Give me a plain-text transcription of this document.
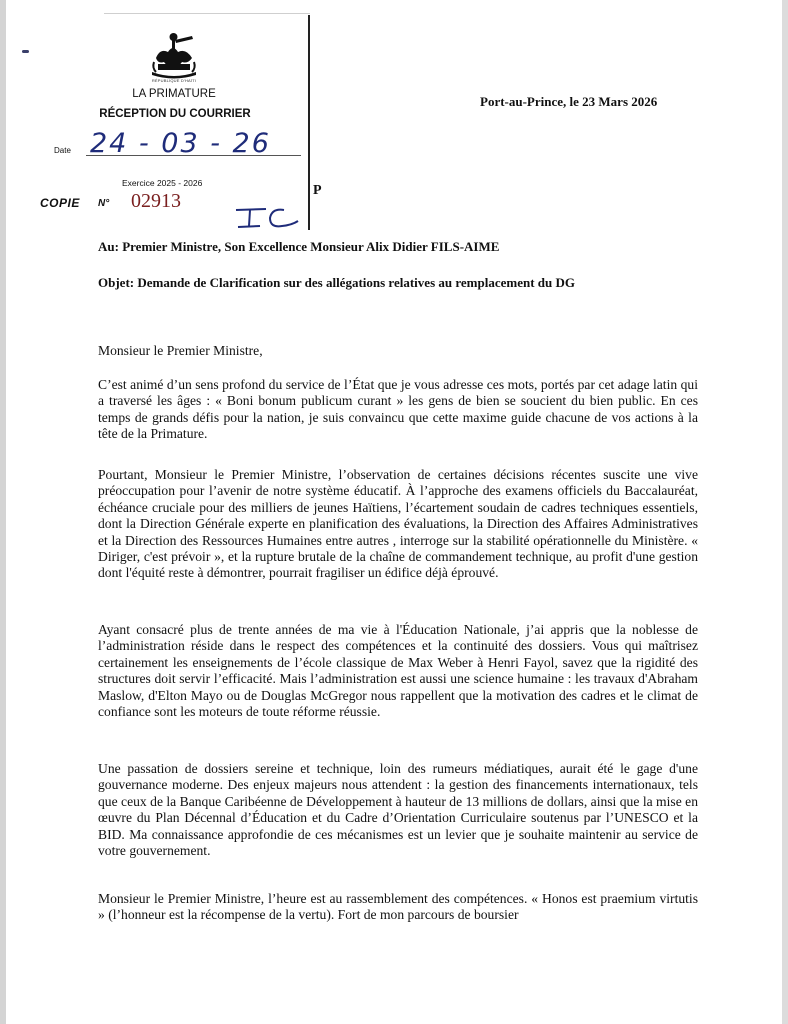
P
RÉPUBLIQUE D'HAÏTI
LA PRIMATURE
RÉCEPTION DU COURRIER
Date 24 - 03 - 26
Exercice 2025 - 2026
COPIE N° 02913
Port-au-Prince, le 23 Mars 2026
Au: Premier Ministre, Son Excellence Monsieur Alix Didier FILS-AIME
Objet: Demande de Clarification sur des allégations relatives au remplacement du DG
Monsieur le Premier Ministre,

C’est animé d’un sens profond du service de l’État que je vous adresse ces mots, portés par cet adage latin qui a traversé les âges : « Boni bonum publicum curant » les gens de bien se soucient du bien public. En ces temps de grands défis pour la nation, je suis convaincu que cette maxime guide chacune de vos actions à la tête de la Primature.

Pourtant, Monsieur le Premier Ministre, l’observation de certaines décisions récentes suscite une vive préoccupation pour l’avenir de notre système éducatif. À l’approche des examens officiels du Baccalauréat, échéance cruciale pour des milliers de jeunes Haïtiens, l’écartement soudain de cadres techniques essentiels, dont la Direction Générale experte en planification des évaluations, la Direction des Affaires Administratives et la Direction des Ressources Humaines entre autres , interroge sur la stabilité opérationnelle du Ministère. « Diriger, c'est prévoir », et la rupture brutale de la chaîne de commandement technique, au profit d'une gestion dont l'équité reste à démontrer, pourrait fragiliser un édifice déjà éprouvé.

Ayant consacré plus de trente années de ma vie à l'Éducation Nationale, j’ai appris que la noblesse de l’administration réside dans le respect des compétences et la continuité des dossiers. Vous qui maîtrisez certainement les enseignements de l’école classique de Max Weber à Henri Fayol, savez que la rigidité des structures doit servir l’efficacité. Mais l’administration est aussi une science humaine : les travaux d'Abraham Maslow, d'Elton Mayo ou de Douglas McGregor nous rappellent que la motivation des cadres et le climat de confiance sont les moteurs de toute réforme réussie.

Une passation de dossiers sereine et technique, loin des rumeurs médiatiques, aurait été le gage d'une gouvernance moderne. Des enjeux majeurs nous attendent : la gestion des financements internationaux, tels que ceux de la Banque Caribéenne de Développement à hauteur de 13 millions de dollars, ainsi que la mise en œuvre du Plan Décennal d’Éducation et du Cadre d’Orientation Curriculaire soutenus par l’UNESCO et la BID. Ma connaissance approfondie de ces mécanismes est un levier que je souhaite maintenir au service de votre gouvernement.

Monsieur le Premier Ministre, l’heure est au rassemblement des compétences. « Honos est praemium virtutis » (l’honneur est la récompense de la vertu). Fort de mon parcours de boursier
